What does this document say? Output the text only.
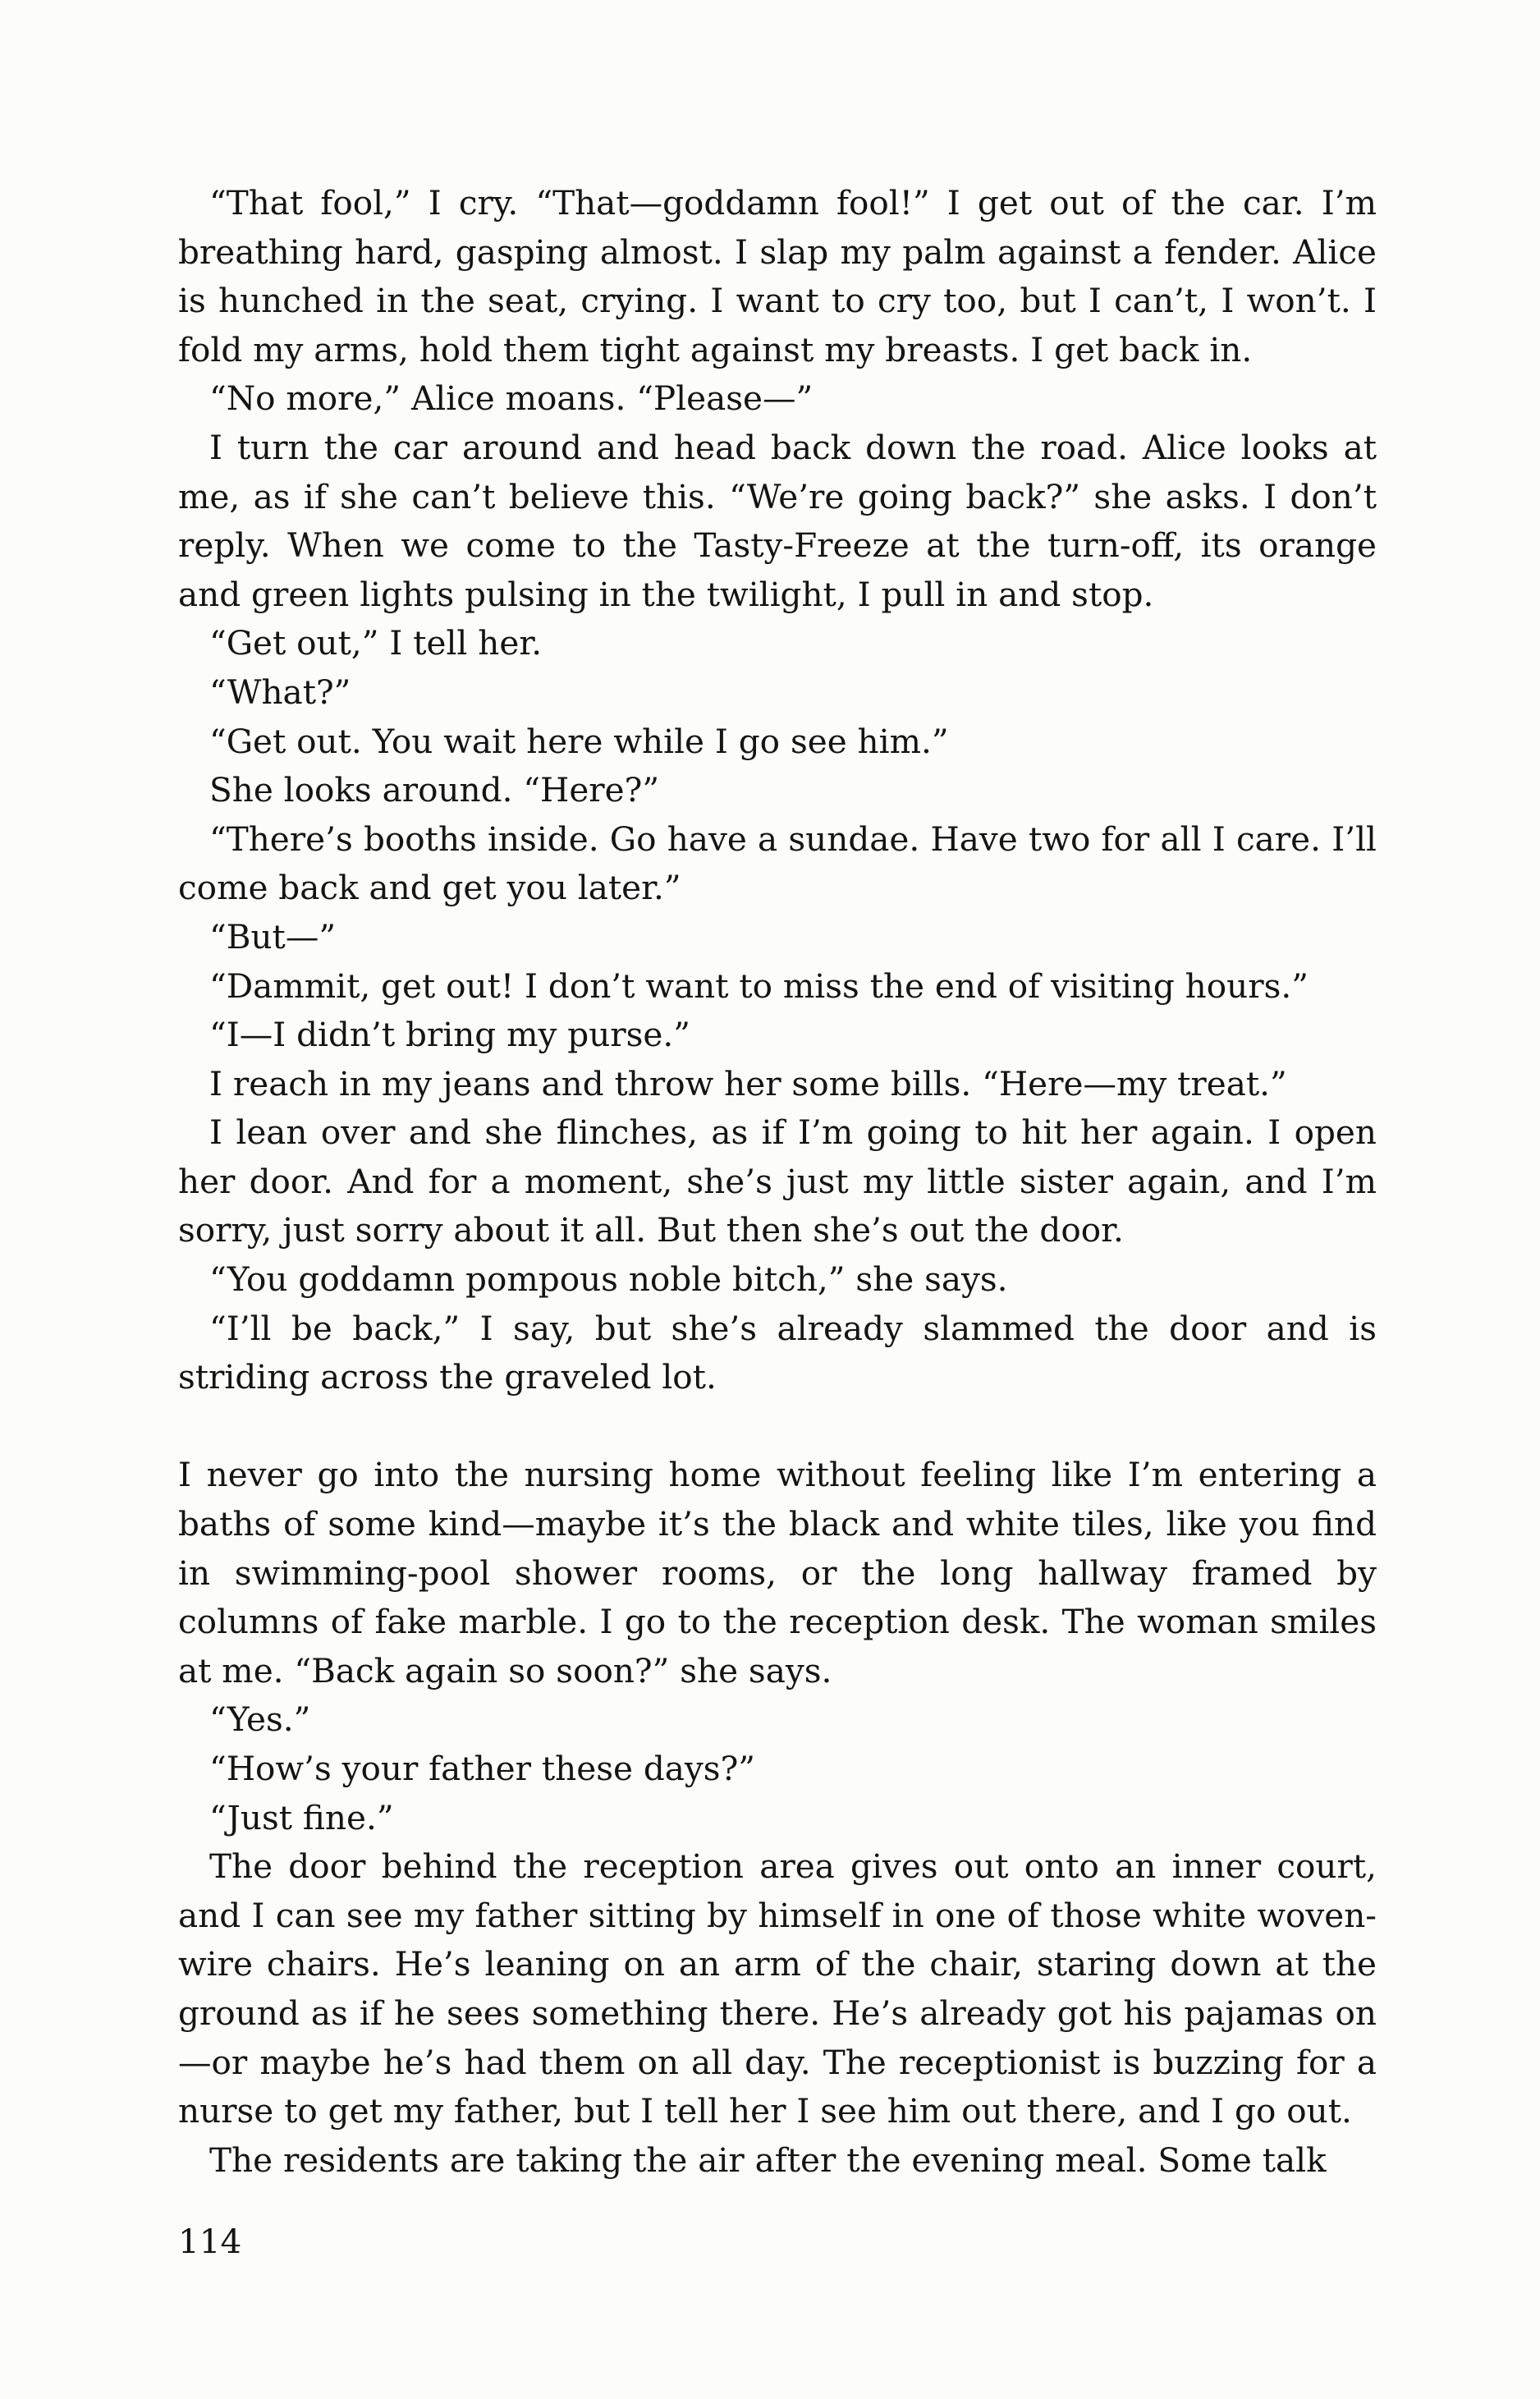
“That fool,” I cry. “That—goddamn fool!” I get out of the car. I’m breathing hard, gasping almost. I slap my palm against a fender. Alice is hunched in the seat, crying. I want to cry too, but I can’t, I won’t. I fold my arms, hold them tight against my breasts. I get back in.

“No more,” Alice moans. “Please—”

I turn the car around and head back down the road. Alice looks at me, as if she can’t believe this. “We’re going back?” she asks. I don’t reply. When we come to the Tasty-Freeze at the turn-off, its orange and green lights pulsing in the twilight, I pull in and stop.

“Get out,” I tell her.

“What?”

“Get out. You wait here while I go see him.”

She looks around. “Here?”

“There’s booths inside. Go have a sundae. Have two for all I care. I’ll come back and get you later.”

“But—”

“Dammit, get out! I don’t want to miss the end of visiting hours.”

“I—I didn’t bring my purse.”

I reach in my jeans and throw her some bills. “Here—my treat.”

I lean over and she flinches, as if I’m going to hit her again. I open her door. And for a moment, she’s just my little sister again, and I’m sorry, just sorry about it all. But then she’s out the door.

“You goddamn pompous noble bitch,” she says.

“I’ll be back,” I say, but she’s already slammed the door and is striding across the graveled lot.

I never go into the nursing home without feeling like I’m entering a baths of some kind—maybe it’s the black and white tiles, like you find in swimming-pool shower rooms, or the long hallway framed by columns of fake marble. I go to the reception desk. The woman smiles at me. “Back again so soon?” she says.

“Yes.”

“How’s your father these days?”

“Just fine.”

The door behind the reception area gives out onto an inner court, and I can see my father sitting by himself in one of those white woven-wire chairs. He’s leaning on an arm of the chair, staring down at the ground as if he sees something there. He’s already got his pajamas on—or maybe he’s had them on all day. The receptionist is buzzing for a nurse to get my father, but I tell her I see him out there, and I go out.

The residents are taking the air after the evening meal. Some talk

114
